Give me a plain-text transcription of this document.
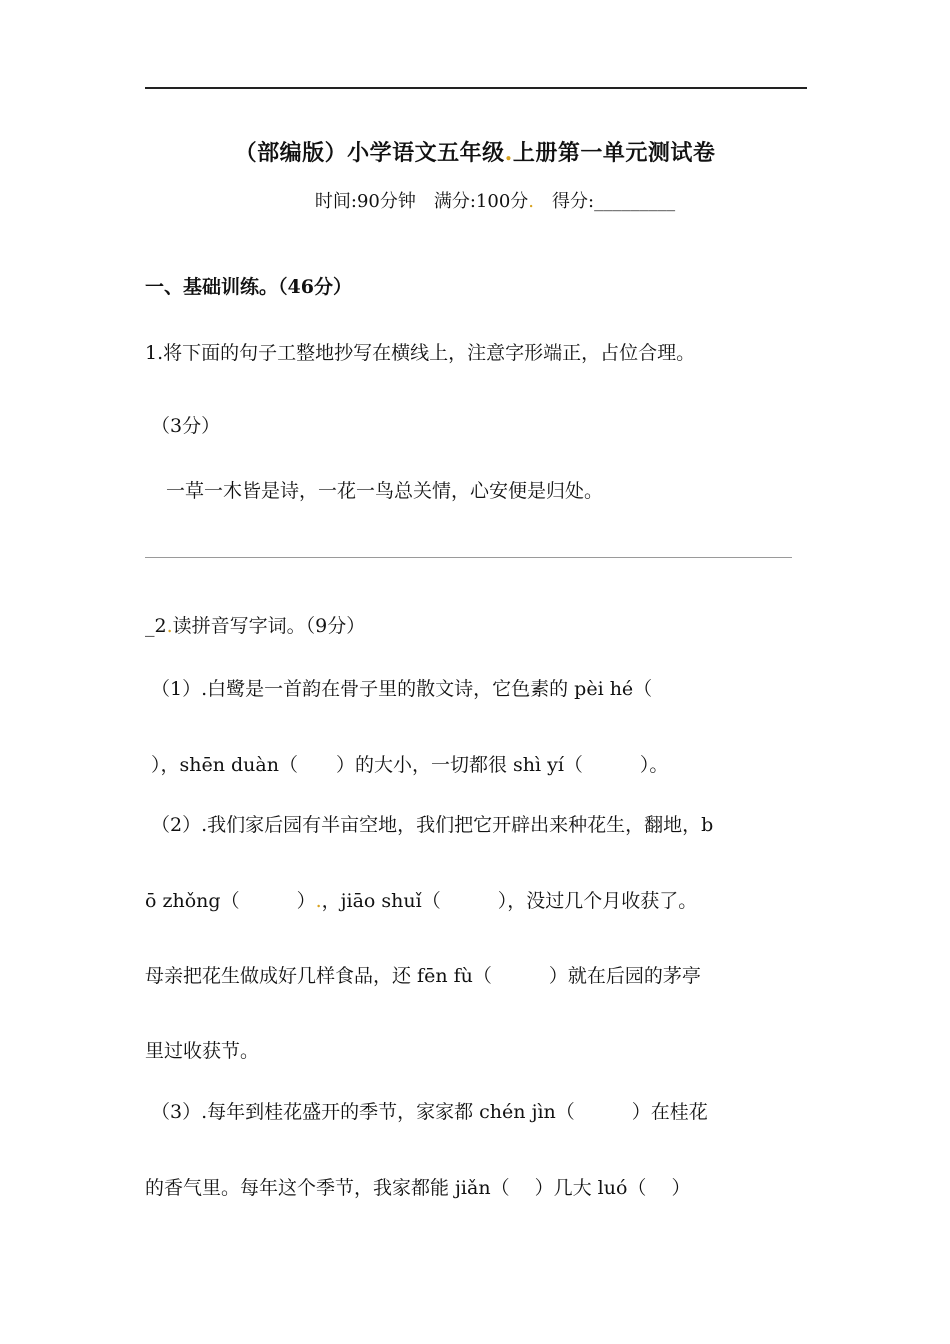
（部编版）小学语文五年级.上册第一单元测试卷
时间:90分钟　满分:100分.　得分:_________
一、基础训练。（46分）
1.将下面的句子工整地抄写在横线上，注意字形端正，占位合理。
（3分）
一草一木皆是诗，一花一鸟总关情，心安便是归处。
_2.读拼音写字词。（9分）
（1）.白鹭是一首韵在骨子里的散文诗，它色素的 pèi hé（
），shēn duàn（　　）的大小，一切都很 shì yí（　　　）。
（2）.我们家后园有半亩空地，我们把它开辟出来种花生，翻地，b
ō zhǒng（　　　）.，jiāo shuǐ（　　　），没过几个月收获了。
母亲把花生做成好几样食品，还 fēn fù（　　　）就在后园的茅亭
里过收获节。
（3）.每年到桂花盛开的季节，家家都 chén jìn（　　　）在桂花
的香气里。每年这个季节，我家都能 jiǎn（　 ）几大 luó（　 ）
